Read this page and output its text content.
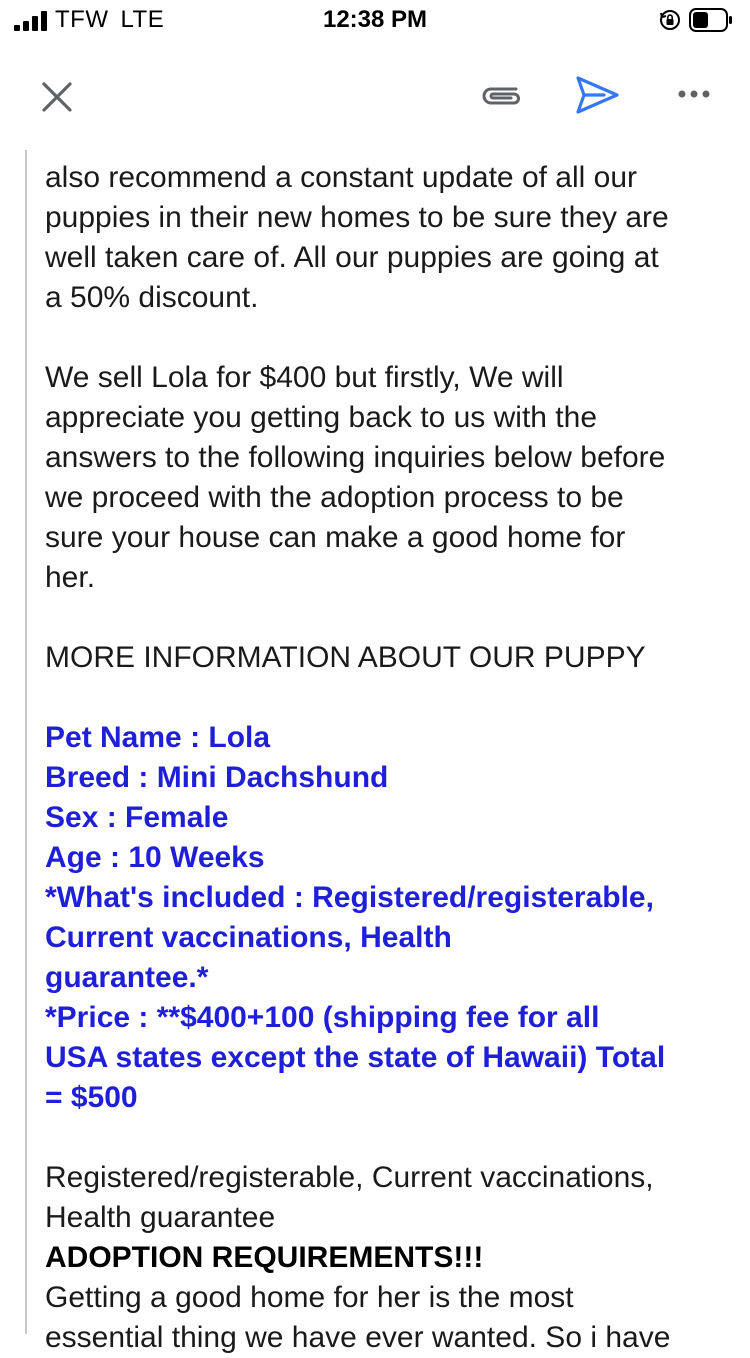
TFW LTE	12:38 PM

also recommend a constant update of all our

puppies in their new homes to be sure they are

well taken care of. All our puppies are going at

a 50% discount.

We sell Lola for $400 but firstly, We will

appreciate you getting back to us with the

answers to the following inquiries below before

we proceed with the adoption process to be

sure your house can make a good home for

her.

MORE INFORMATION ABOUT OUR PUPPY

Pet Name : Lola

Breed : Mini Dachshund

Sex : Female

Age : 10 Weeks

*What's included : Registered/registerable,

Current vaccinations, Health

guarantee.*

*Price : **$400+100 (shipping fee for all

USA states except the state of Hawaii) Total

= $500

Registered/registerable, Current vaccinations,

Health guarantee

ADOPTION REQUIREMENTS!!!

Getting a good home for her is the most

essential thing we have ever wanted. So i have
